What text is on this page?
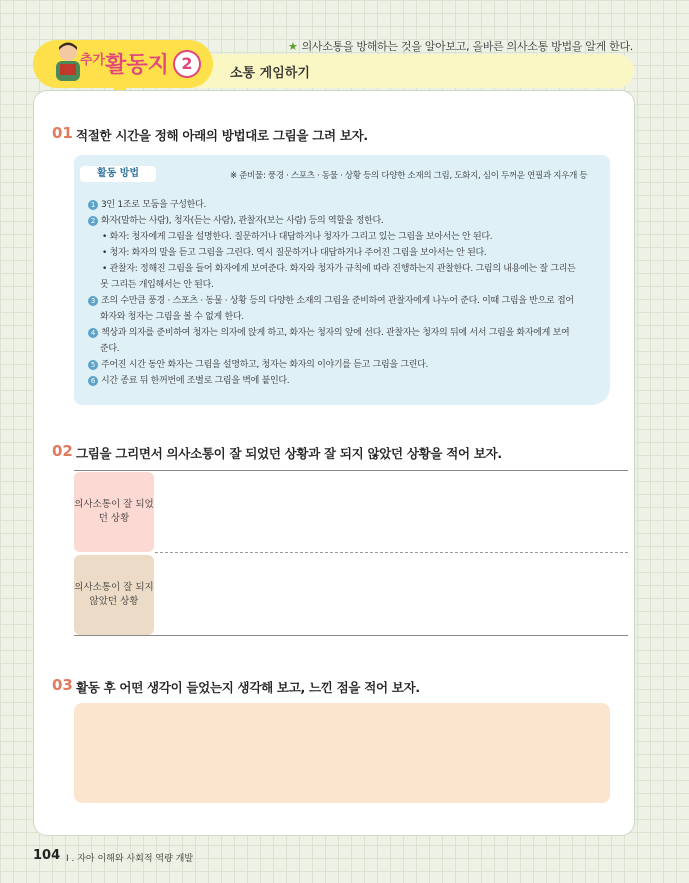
★ 의사소통을 방해하는 것을 알아보고, 올바른 의사소통 방법을 알게 한다.
소통 게임하기
$^{추가}$활동지 2
01 적절한 시간을 정해 아래의 방법대로 그림을 그려 보자.
활동 방법	※ 준비물: 풍경 · 스포츠 · 동물 · 상황 등의 다양한 소재의 그림, 도화지, 심이 두꺼운 연필과 지우개 등
1 3인 1조로 모둠을 구성한다.
2 화자(말하는 사람), 청자(듣는 사람), 관찰자(보는 사람) 등의 역할을 정한다.
• 화자: 청자에게 그림을 설명한다. 질문하거나 대답하거나 청자가 그리고 있는 그림을 보아서는 안 된다.
• 청자: 화자의 말을 듣고 그림을 그린다. 역시 질문하거나 대답하거나 주어진 그림을 보아서는 안 된다.
• 관찰자: 정해진 그림을 들어 화자에게 보여준다. 화자와 청자가 규칙에 따라 진행하는지 관찰한다. 그림의 내용에는 잘 그리든
못 그리든 개입해서는 안 된다.
3 조의 수만큼 풍경 · 스포츠 · 동물 · 상황 등의 다양한 소재의 그림을 준비하여 관찰자에게 나누어 준다. 이때 그림을 반으로 접어
화자와 청자는 그림을 볼 수 없게 한다.
4 책상과 의자를 준비하여 청자는 의자에 앉게 하고, 화자는 청자의 앞에 선다. 관찰자는 청자의 뒤에 서서 그림을 화자에게 보여
준다.
5 주어진 시간 동안 화자는 그림을 설명하고, 청자는 화자의 이야기를 듣고 그림을 그린다.
6 시간 종료 뒤 한꺼번에 조별로 그림을 벽에 붙인다.
02 그림을 그리면서 의사소통이 잘 되었던 상황과 잘 되지 않았던 상황을 적어 보자.
의사소통이 잘 되었던 상황
의사소통이 잘 되지 않았던 상황
03 활동 후 어떤 생각이 들었는지 생각해 보고, 느낀 점을 적어 보자.
104 Ⅰ . 자아 이해와 사회적 역량 개발
